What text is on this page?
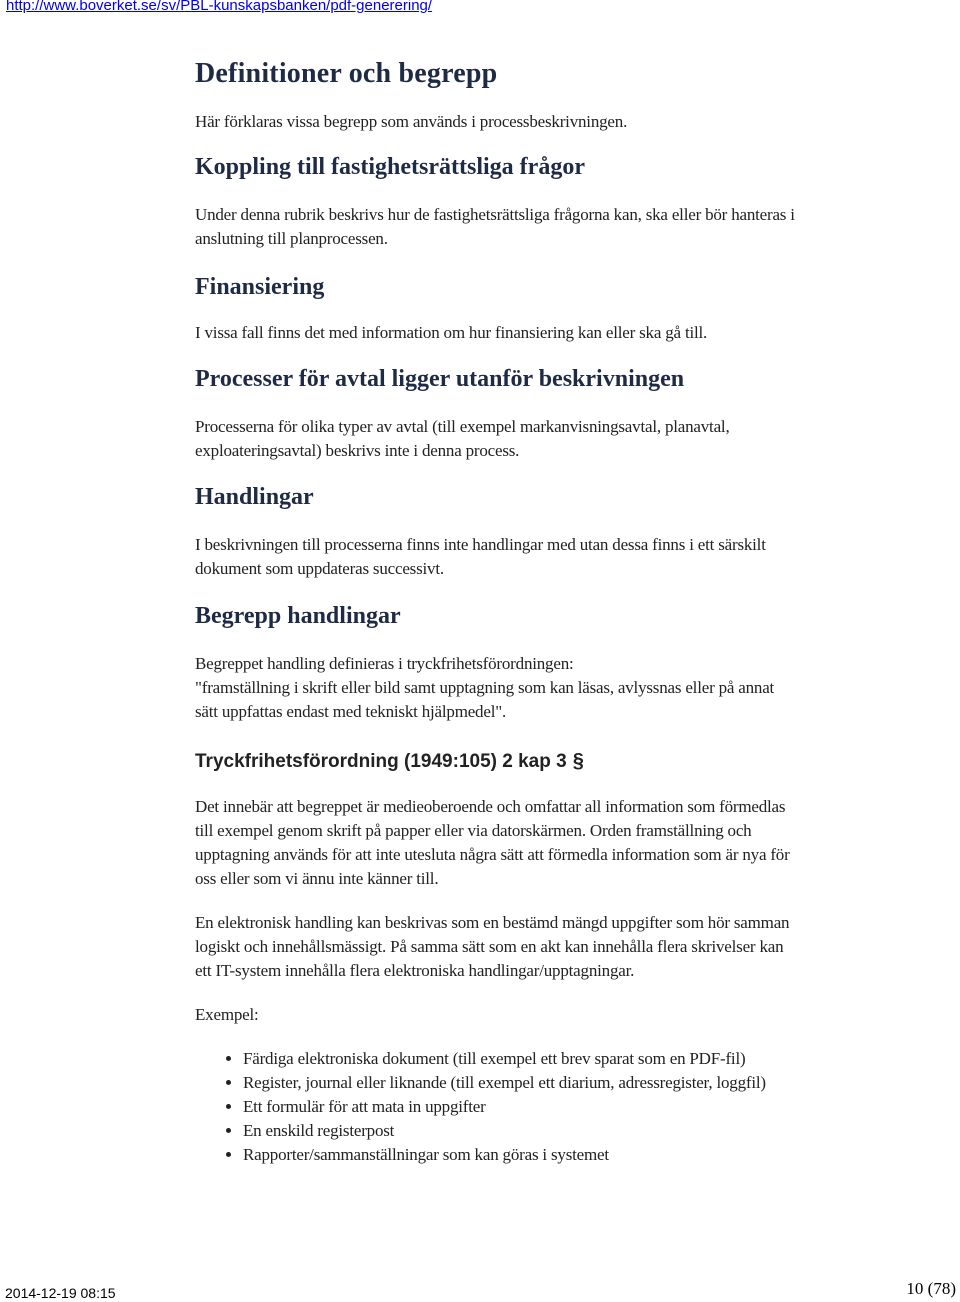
http://www.boverket.se/sv/PBL-kunskapsbanken/pdf-generering/
Definitioner och begrepp

Här förklaras vissa begrepp som används i processbeskrivningen.

Koppling till fastighetsrättsliga frågor

Under denna rubrik beskrivs hur de fastighetsrättsliga frågorna kan, ska eller bör hanteras i anslutning till planprocessen.

Finansiering

I vissa fall finns det med information om hur finansiering kan eller ska gå till.

Processer för avtal ligger utanför beskrivningen

Processerna för olika typer av avtal (till exempel markanvisningsavtal, planavtal, exploateringsavtal) beskrivs inte i denna process.

Handlingar

I beskrivningen till processerna finns inte handlingar med utan dessa finns i ett särskilt dokument som uppdateras successivt.

Begrepp handlingar

Begreppet handling definieras i tryckfrihetsförordningen:
"framställning i skrift eller bild samt upptagning som kan läsas, avlyssnas eller på annat sätt uppfattas endast med tekniskt hjälpmedel".

Tryckfrihetsförordning (1949:105) 2 kap 3 §

Det innebär att begreppet är medieoberoende och omfattar all information som förmedlas till exempel genom skrift på papper eller via datorskärmen. Orden framställning och upptagning används för att inte utesluta några sätt att förmedla information som är nya för oss eller som vi ännu inte känner till.

En elektronisk handling kan beskrivas som en bestämd mängd uppgifter som hör samman logiskt och innehållsmässigt. På samma sätt som en akt kan innehålla flera skrivelser kan ett IT-system innehålla flera elektroniska handlingar/upptagningar.

Exempel:

• Färdiga elektroniska dokument (till exempel ett brev sparat som en PDF-fil)
• Register, journal eller liknande (till exempel ett diarium, adressregister, loggfil)
• Ett formulär för att mata in uppgifter
• En enskild registerpost
• Rapporter/sammanställningar som kan göras i systemet
2014-12-19 08:15	10 (78)
